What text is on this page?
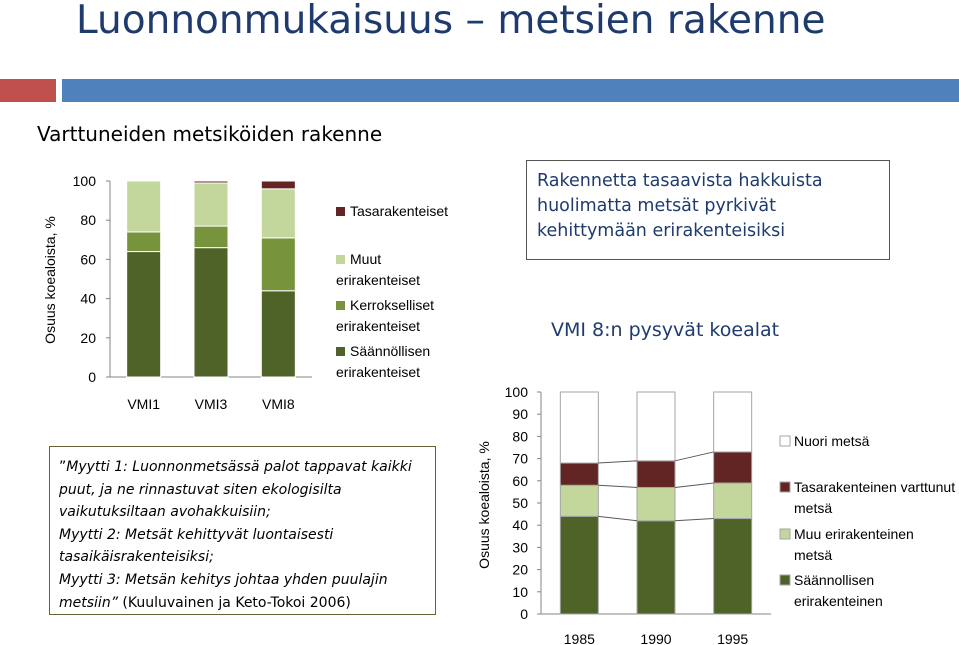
Luonnonmukaisuus – metsien rakenne
Varttuneiden metsiköiden rakenne
Osuus koealoista, %
0
20
40
60
80
100
VMI1 VMI3 VMI8
Tasarakenteiset
Muut
erirakenteiset
Kerrokselliset
erirakenteiset
Säännöllisen
erirakenteiset
Rakennetta tasaavista hakkuista huolimatta metsät pyrkivät kehittymään erirakenteisiksi
VMI 8:n pysyvät koealat
Osuus koealoista, %
0
10
20
30
40
50
60
70
80
90
100
1985	1990	1995
Nuori metsä
Tasarakenteinen varttunut
metsä
Muu erirakenteinen
metsä
Säännollisen
erirakenteinen

”Myytti 1: Luonnonmetsässä palot tappavat kaikki puut, ja ne rinnastuvat siten ekologisilta vaikutuksiltaan avohakkuisiin;

Myytti 2: Metsät kehittyvät luontaisesti tasaikäisrakenteisiksi;

Myytti 3: Metsän kehitys johtaa yhden puulajin metsiin” (Kuuluvainen ja Keto-Tokoi 2006)
